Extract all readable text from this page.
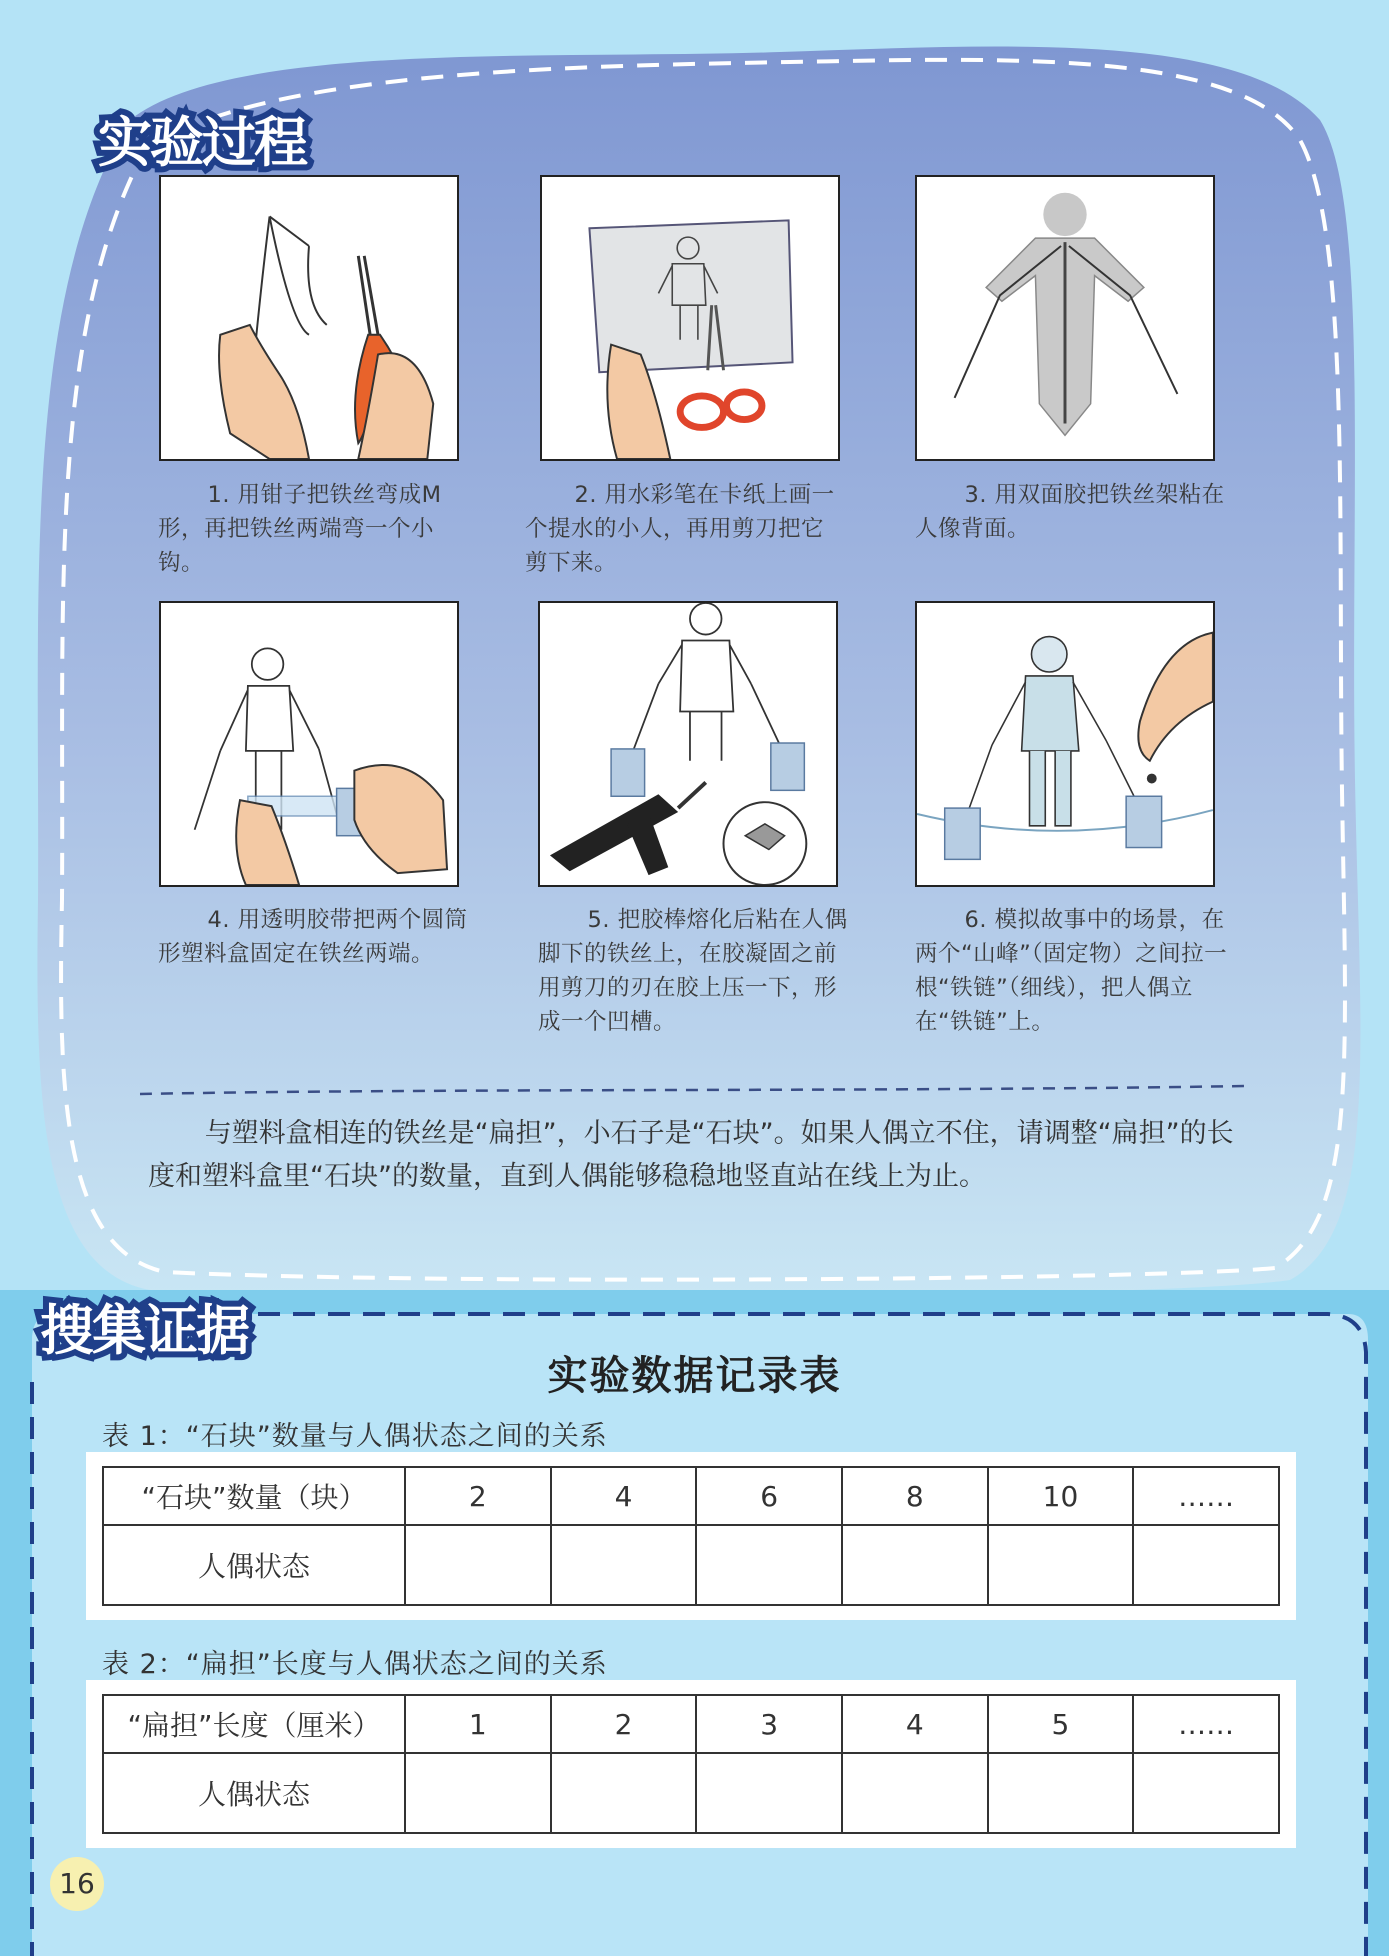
实验过程
1. 用钳子把铁丝弯成M 形，再把铁丝两端弯一个小钩。
2. 用水彩笔在卡纸上画一个提水的小人，再用剪刀把它剪下来。
3. 用双面胶把铁丝架粘在人像背面。
4. 用透明胶带把两个圆筒形塑料盒固定在铁丝两端。
5. 把胶棒熔化后粘在人偶脚下的铁丝上，在胶凝固之前用剪刀的刃在胶上压一下，形成一个凹槽。
6. 模拟故事中的场景，在两个“山峰”（固定物）之间拉一根“铁链”（细线），把人偶立在“铁链”上。
与塑料盒相连的铁丝是“扁担”，小石子是“石块”。如果人偶立不住，请调整“扁担”的长度和塑料盒里“石块”的数量，直到人偶能够稳稳地竖直站在线上为止。
搜集证据
实验数据记录表
表 1：“石块”数量与人偶状态之间的关系
“石块”数量（块）	2	4	6	8	10	……
人偶状态						
表 2：“扁担”长度与人偶状态之间的关系
“扁担”长度（厘米）	1	2	3	4	5	……
人偶状态						
16
